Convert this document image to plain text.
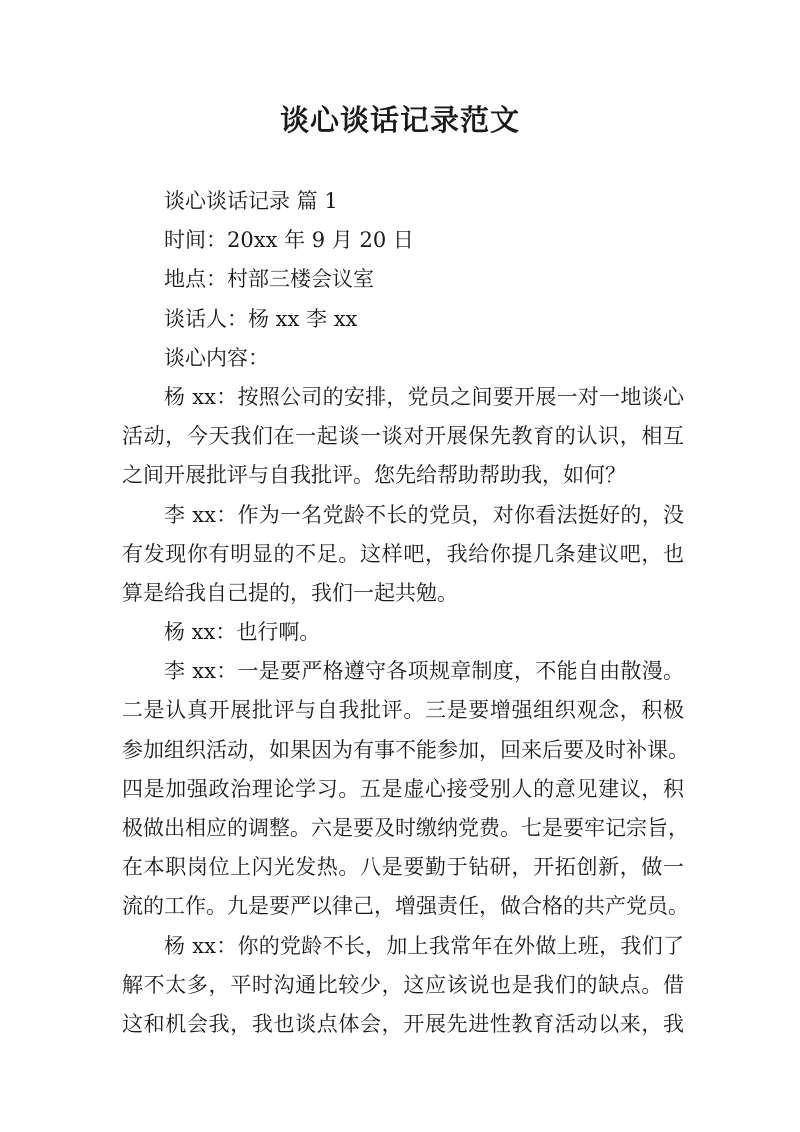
谈心谈话记录范文
谈心谈话记录 篇 1
时间：20xx 年 9 月 20 日
地点：村部三楼会议室
谈话人：杨 xx 李 xx
谈心内容：
杨 xx：按照公司的安排，党员之间要开展一对一地谈心
活动，今天我们在一起谈一谈对开展保先教育的认识，相互
之间开展批评与自我批评。您先给帮助帮助我，如何？
李 xx：作为一名党龄不长的党员，对你看法挺好的，没
有发现你有明显的不足。这样吧，我给你提几条建议吧，也
算是给我自己提的，我们一起共勉。
杨 xx：也行啊。
李 xx：一是要严格遵守各项规章制度，不能自由散漫。
二是认真开展批评与自我批评。三是要增强组织观念，积极
参加组织活动，如果因为有事不能参加，回来后要及时补课。
四是加强政治理论学习。五是虚心接受别人的意见建议，积
极做出相应的调整。六是要及时缴纳党费。七是要牢记宗旨，
在本职岗位上闪光发热。八是要勤于钻研，开拓创新，做一
流的工作。九是要严以律己，增强责任，做合格的共产党员。
杨 xx：你的党龄不长，加上我常年在外做上班，我们了
解不太多，平时沟通比较少，这应该说也是我们的缺点。借
这和机会我，我也谈点体会，开展先进性教育活动以来，我
